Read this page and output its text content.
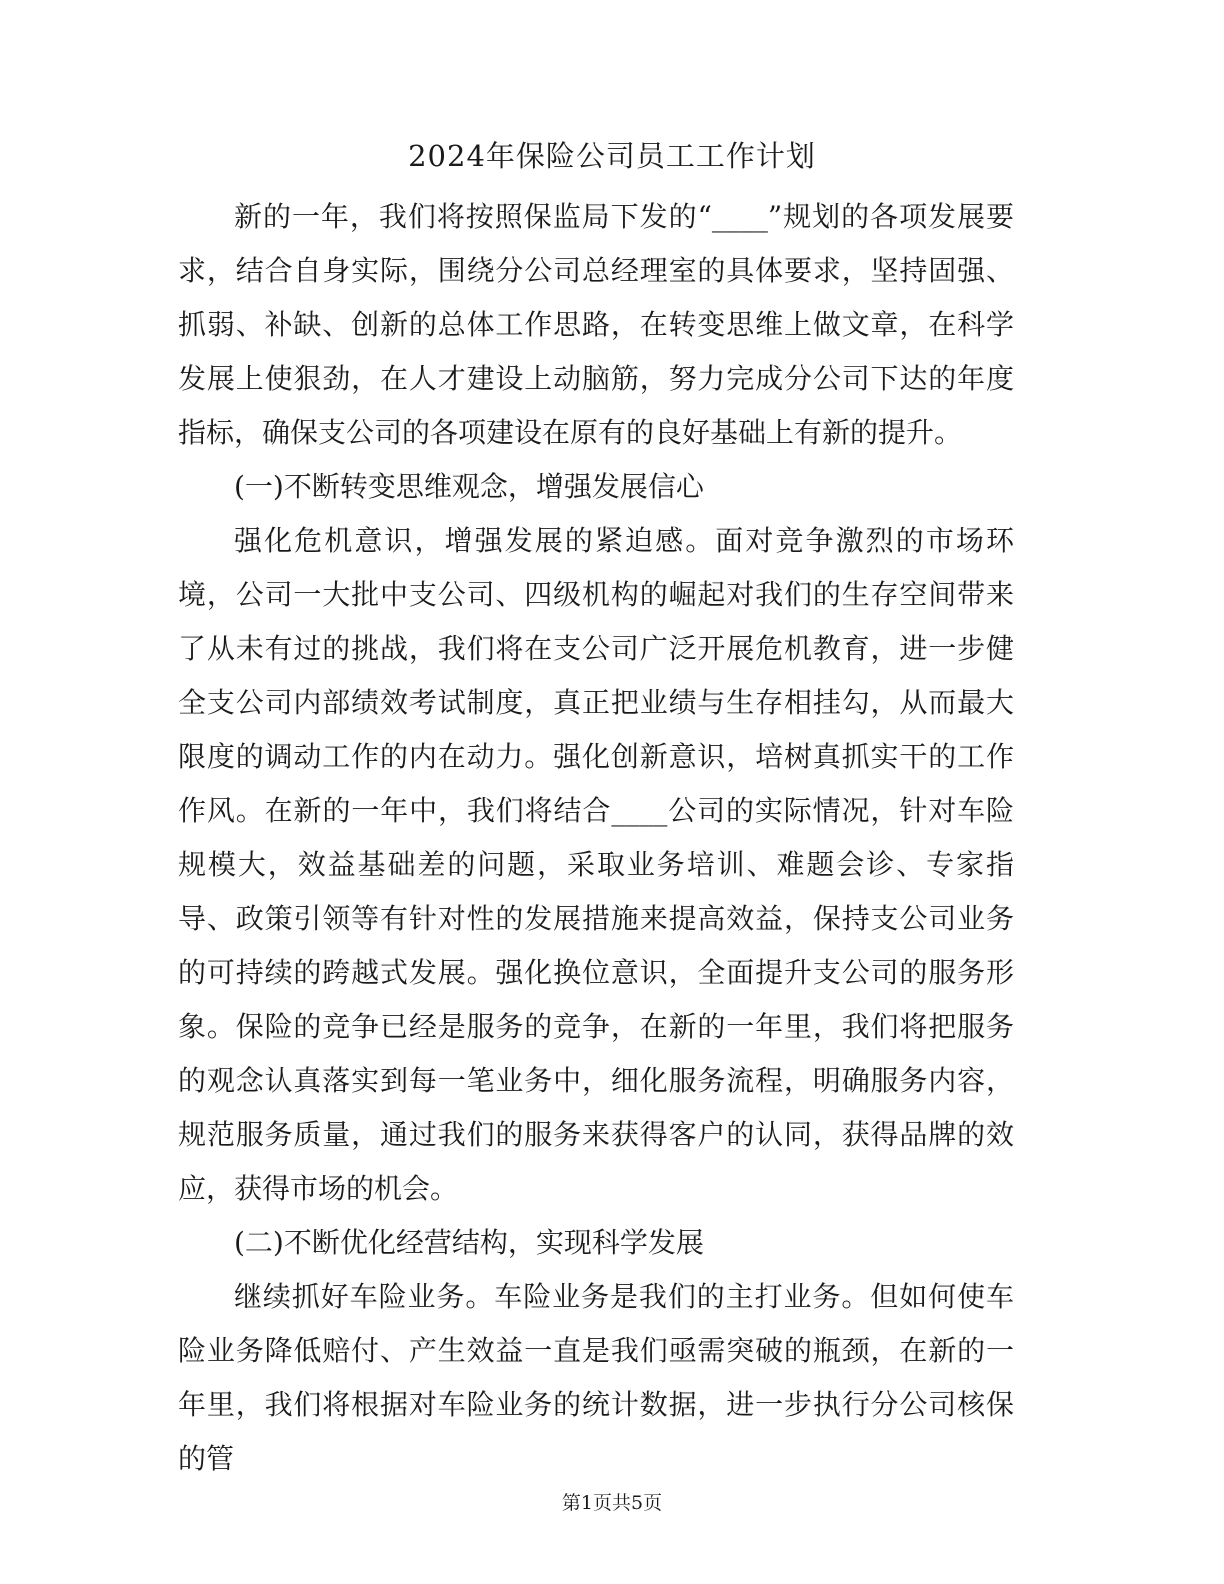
2024年保险公司员工工作计划

新的一年，我们将按照保监局下发的“____”规划的各项发展要求，结合自身实际，围绕分公司总经理室的具体要求，坚持固强、抓弱、补缺、创新的总体工作思路，在转变思维上做文章，在科学发展上使狠劲，在人才建设上动脑筋，努力完成分公司下达的年度指标，确保支公司的各项建设在原有的良好基础上有新的提升。

(一)不断转变思维观念，增强发展信心

强化危机意识，增强发展的紧迫感。面对竞争激烈的市场环境，公司一大批中支公司、四级机构的崛起对我们的生存空间带来了从未有过的挑战，我们将在支公司广泛开展危机教育，进一步健全支公司内部绩效考试制度，真正把业绩与生存相挂勾，从而最大限度的调动工作的内在动力。强化创新意识，培树真抓实干的工作作风。在新的一年中，我们将结合____公司的实际情况，针对车险规模大，效益基础差的问题，采取业务培训、难题会诊、专家指导、政策引领等有针对性的发展措施来提高效益，保持支公司业务的可持续的跨越式发展。强化换位意识，全面提升支公司的服务形象。保险的竞争已经是服务的竞争，在新的一年里，我们将把服务的观念认真落实到每一笔业务中，细化服务流程，明确服务内容，规范服务质量，通过我们的服务来获得客户的认同，获得品牌的效应，获得市场的机会。

(二)不断优化经营结构，实现科学发展

继续抓好车险业务。车险业务是我们的主打业务。但如何使车险业务降低赔付、产生效益一直是我们亟需突破的瓶颈，在新的一年里，我们将根据对车险业务的统计数据，进一步执行分公司核保的管

第1页共5页
